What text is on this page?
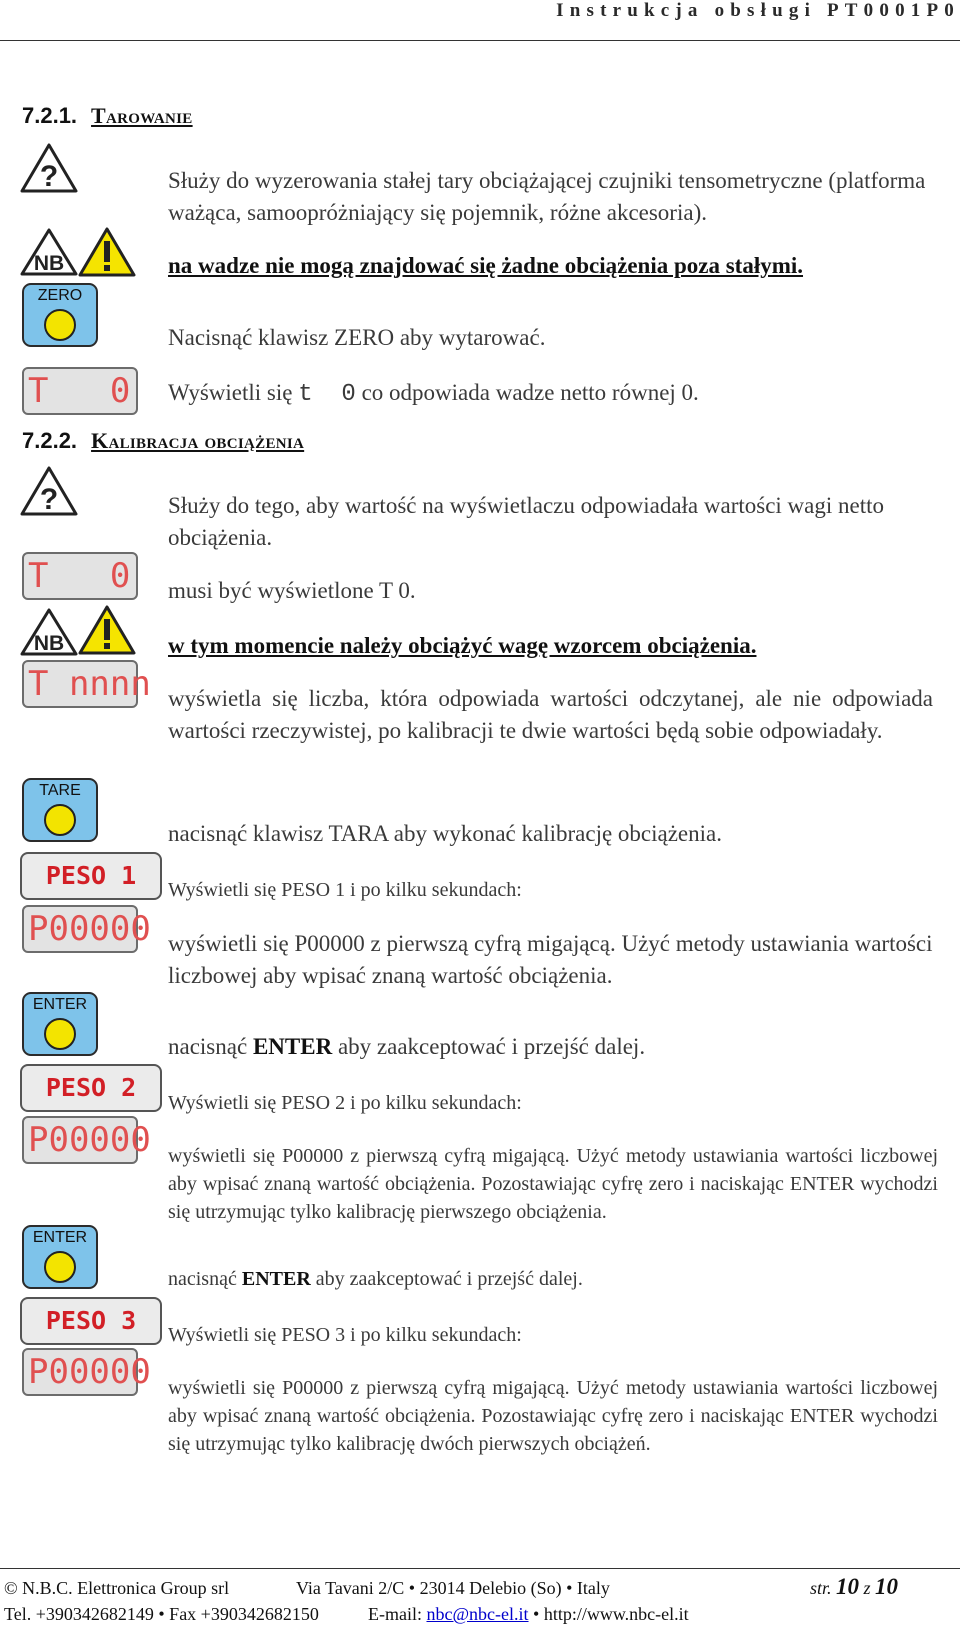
Instrukcja obsługi PT0001P0
7.2.1. Tarowanie
?	Służy do wyzerowania stałej tary obciążającej czujniki tensometryczne (platforma ważąca, samoopróżniający się pojemnik, różne akcesoria).
NB	na wadze nie mogą znajdować się żadne obciążenia poza stałymi.
ZERO
Nacisnąć klawisz ZERO aby wytarować.
T   0 Wyświetli się t  0 co odpowiada wadze netto równej 0.
7.2.2. Kalibracja obciążenia
?	Służy do tego, aby wartość na wyświetlaczu odpowiadała wartości wagi netto obciążenia.
T   0 musi być wyświetlone T 0.
NB	w tym momencie należy obciążyć wagę wzorcem obciążenia.
T nnnn wyświetla się liczba, która odpowiada wartości odczytanej, ale nie odpowiada wartości rzeczywistej, po kalibracji te dwie wartości będą sobie odpowiadały.
TARE
nacisnąć klawisz TARA aby wykonać kalibrację obciążenia.
PESO 1	Wyświetli się PESO 1 i po kilku sekundach:
P00000 wyświetli się P00000 z pierwszą cyfrą migającą. Użyć metody ustawiania wartości liczbowej aby wpisać znaną wartość obciążenia.
ENTER
nacisnąć ENTER aby zaakceptować i przejść dalej.
PESO 2
Wyświetli się PESO 2 i po kilku sekundach:
P00000 wyświetli się P00000 z pierwszą cyfrą migającą. Użyć metody ustawiania wartości liczbowej aby wpisać znaną wartość obciążenia. Pozostawiając cyfrę zero i naciskając ENTER wychodzi się utrzymując tylko kalibrację pierwszego obciążenia.
ENTER
nacisnąć ENTER aby zaakceptować i przejść dalej.
PESO 3	Wyświetli się PESO 3 i po kilku sekundach:
P00000 wyświetli się P00000 z pierwszą cyfrą migającą. Użyć metody ustawiania wartości liczbowej aby wpisać znaną wartość obciążenia. Pozostawiając cyfrę zero i naciskając ENTER wychodzi się utrzymując tylko kalibrację dwóch pierwszych obciążeń.
© N.B.C. Elettronica Group srl	Via Tavani 2/C • 23014 Delebio (So) • Italy	str. 10 z 10
Tel. +390342682149 • Fax +390342682150	E-mail: nbc@nbc-el.it • http://www.nbc-el.it
